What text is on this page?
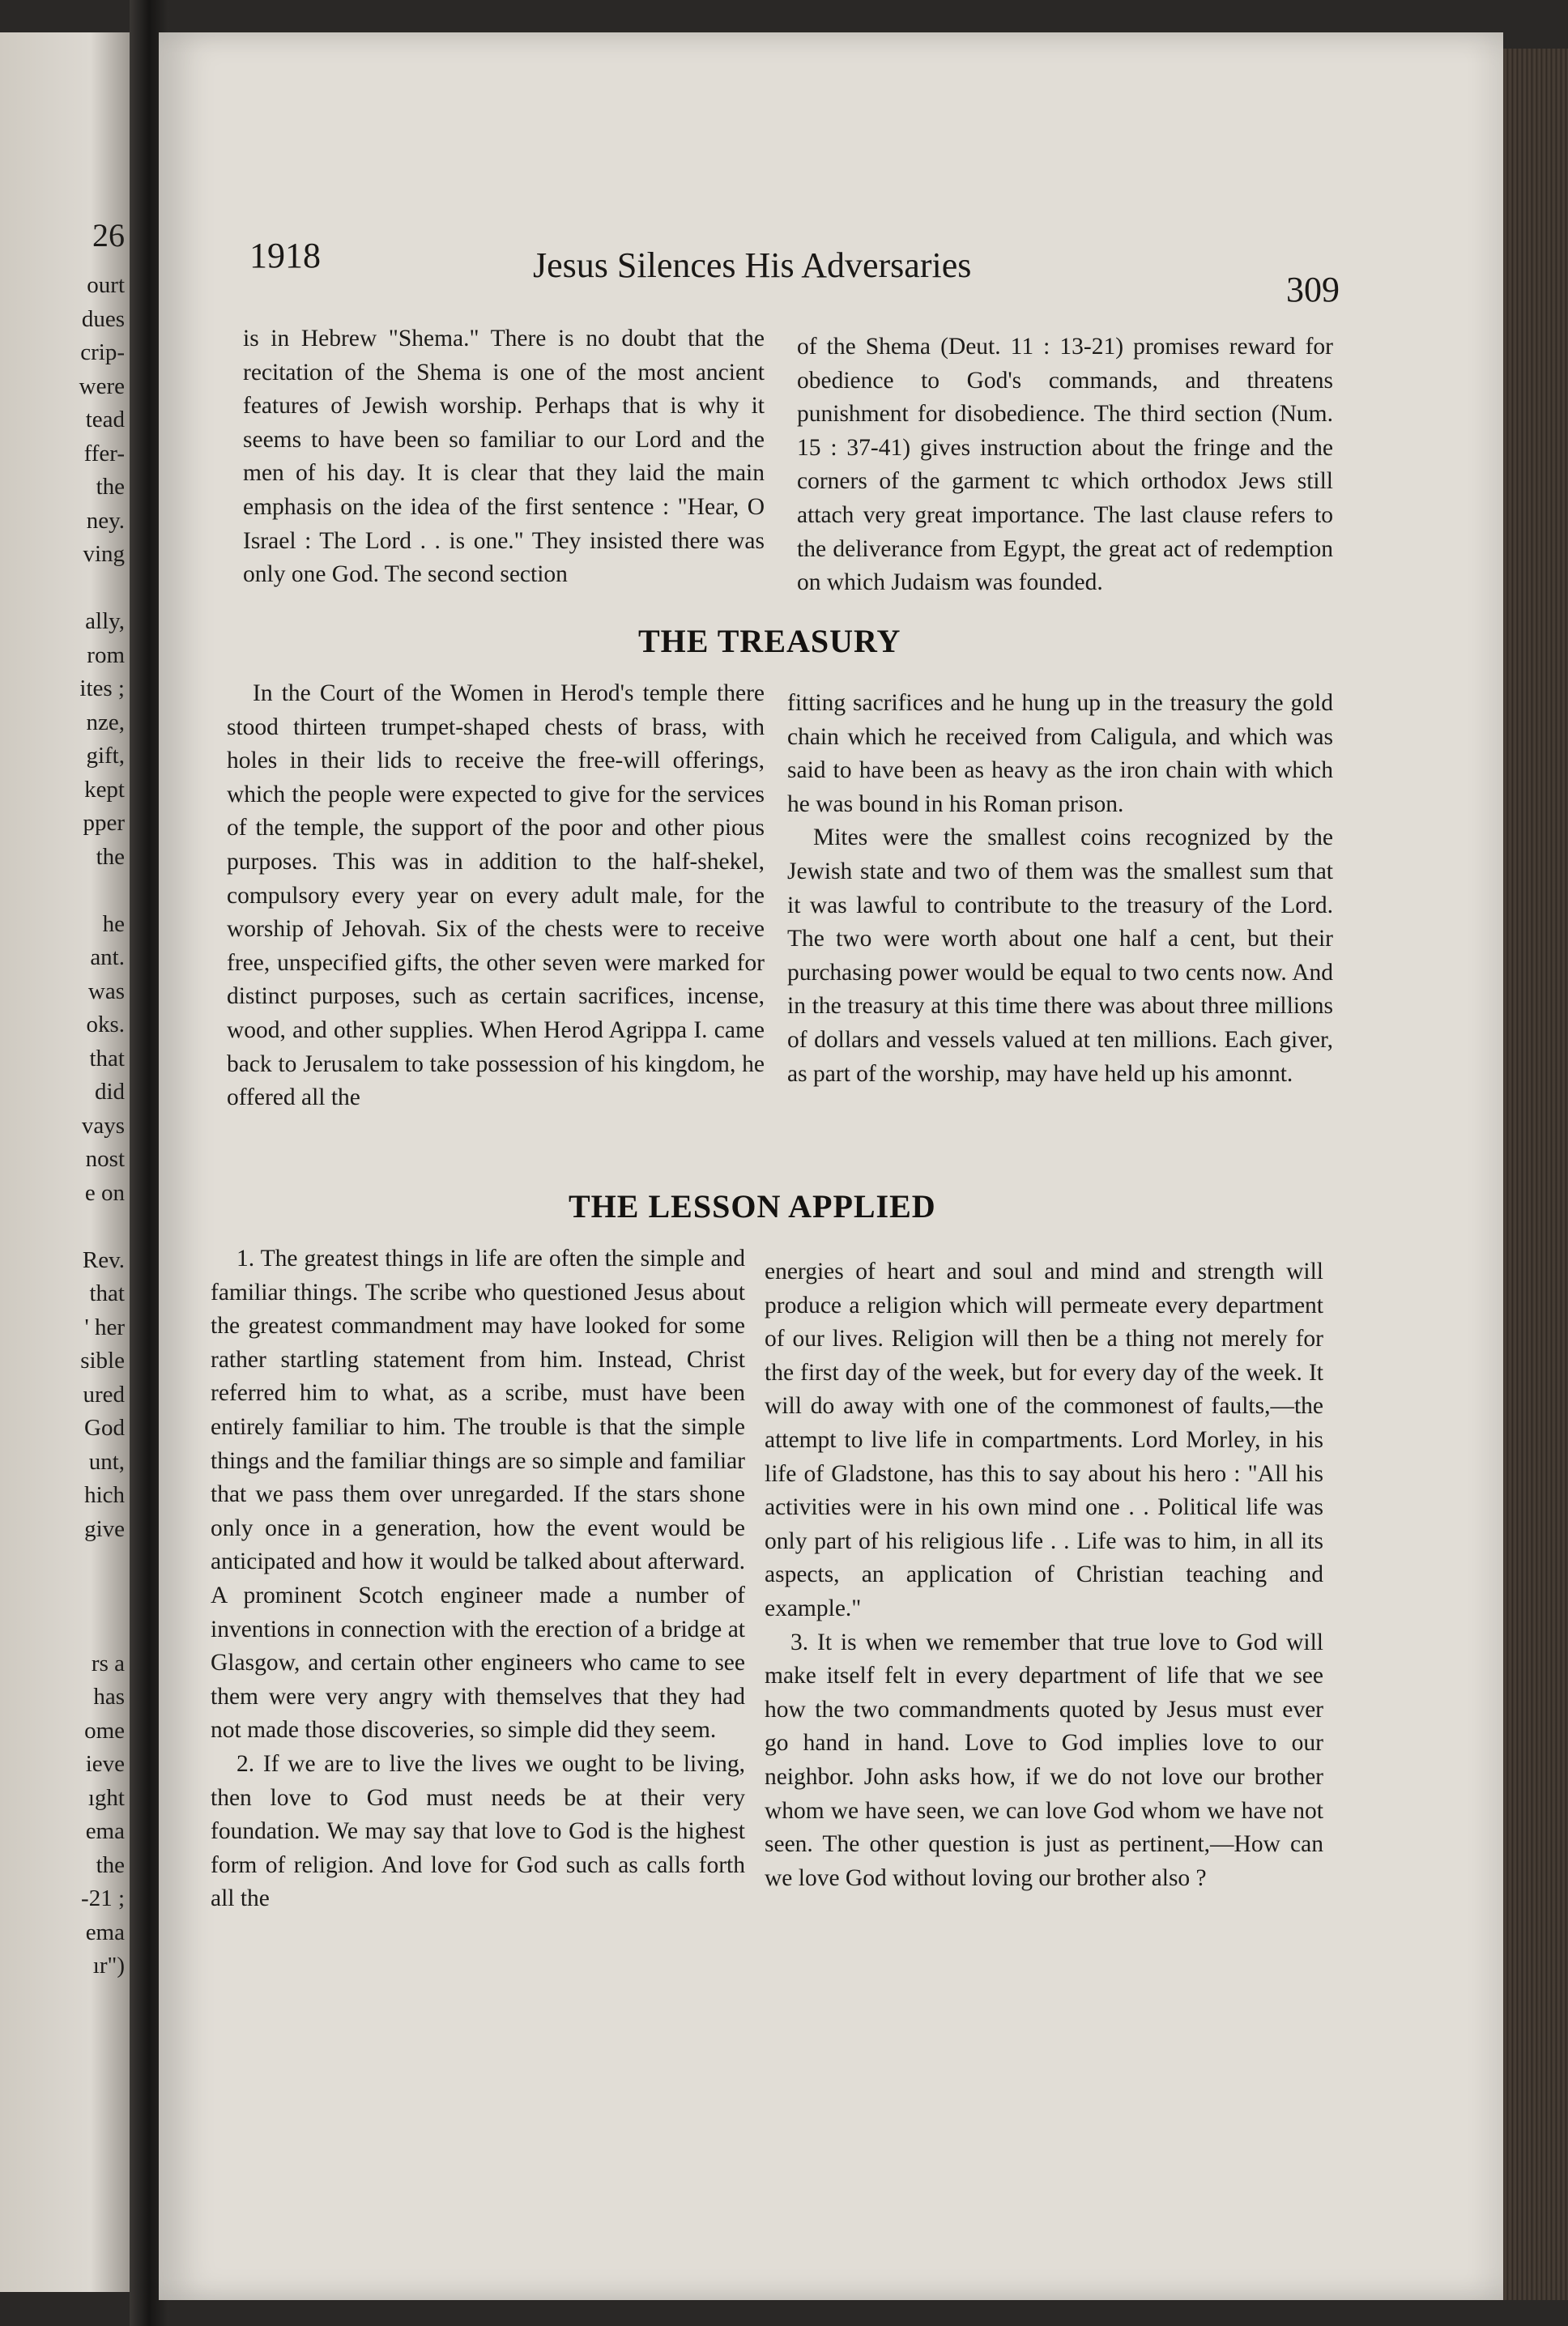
26
ourt
dues
crip-
were
tead
ffer-
the
ney.
ving
ally,
rom
ites ;
nze,
gift,
kept
pper
the
he
ant.
was
oks.
that
did
vays
nost
e on
Rev.
that
' her
sible
ured
God
unt,
hich
give
rs a
has
ome
ieve
ıght
ema
the
-21 ;
ema
ır")
1918	Jesus Silences His Adversaries
309

is in Hebrew "Shema." There is no doubt that the recitation of the Shema is one of the most ancient features of Jewish worship. Perhaps that is why it seems to have been so familiar to our Lord and the men of his day. It is clear that they laid the main emphasis on the idea of the first sentence : "Hear, O Israel : The Lord . . is one." They insisted there was only one God. The second section

of the Shema (Deut. 11 : 13-21) promises reward for obedience to God's commands, and threatens punishment for disobedience. The third section (Num. 15 : 37-41) gives instruction about the fringe and the corners of the garment tc which orthodox Jews still attach very great importance. The last clause refers to the deliverance from Egypt, the great act of redemption on which Judaism was founded.

THE TREASURY

In the Court of the Women in Herod's temple there stood thirteen trumpet-shaped chests of brass, with holes in their lids to receive the free-will offerings, which the people were expected to give for the services of the temple, the support of the poor and other pious purposes. This was in addition to the half-shekel, compulsory every year on every adult male, for the worship of Jehovah. Six of the chests were to receive free, unspecified gifts, the other seven were marked for distinct purposes, such as certain sacrifices, incense, wood, and other supplies. When Herod Agrippa I. came back to Jerusalem to take possession of his kingdom, he offered all the

fitting sacrifices and he hung up in the treasury the gold chain which he received from Caligula, and which was said to have been as heavy as the iron chain with which he was bound in his Roman prison.

Mites were the smallest coins recognized by the Jewish state and two of them was the smallest sum that it was lawful to contribute to the treasury of the Lord. The two were worth about one half a cent, but their purchasing power would be equal to two cents now. And in the treasury at this time there was about three millions of dollars and vessels valued at ten millions. Each giver, as part of the worship, may have held up his amonnt.

THE LESSON APPLIED

1. The greatest things in life are often the simple and familiar things. The scribe who questioned Jesus about the greatest commandment may have looked for some rather startling statement from him. Instead, Christ referred him to what, as a scribe, must have been entirely familiar to him. The trouble is that the simple things and the familiar things are so simple and familiar that we pass them over unregarded. If the stars shone only once in a generation, how the event would be anticipated and how it would be talked about afterward. A prominent Scotch engineer made a number of inventions in connection with the erection of a bridge at Glasgow, and certain other engineers who came to see them were very angry with themselves that they had not made those discoveries, so simple did they seem.

2. If we are to live the lives we ought to be living, then love to God must needs be at their very foundation. We may say that love to God is the highest form of religion. And love for God such as calls forth all the

energies of heart and soul and mind and strength will produce a religion which will permeate every department of our lives. Religion will then be a thing not merely for the first day of the week, but for every day of the week. It will do away with one of the commonest of faults,—the attempt to live life in compartments. Lord Morley, in his life of Gladstone, has this to say about his hero : "All his activities were in his own mind one . . Political life was only part of his religious life . . Life was to him, in all its aspects, an application of Christian teaching and example."

3. It is when we remember that true love to God will make itself felt in every department of life that we see how the two commandments quoted by Jesus must ever go hand in hand. Love to God implies love to our neighbor. John asks how, if we do not love our brother whom we have seen, we can love God whom we have not seen. The other question is just as pertinent,—How can we love God without loving our brother also ?
